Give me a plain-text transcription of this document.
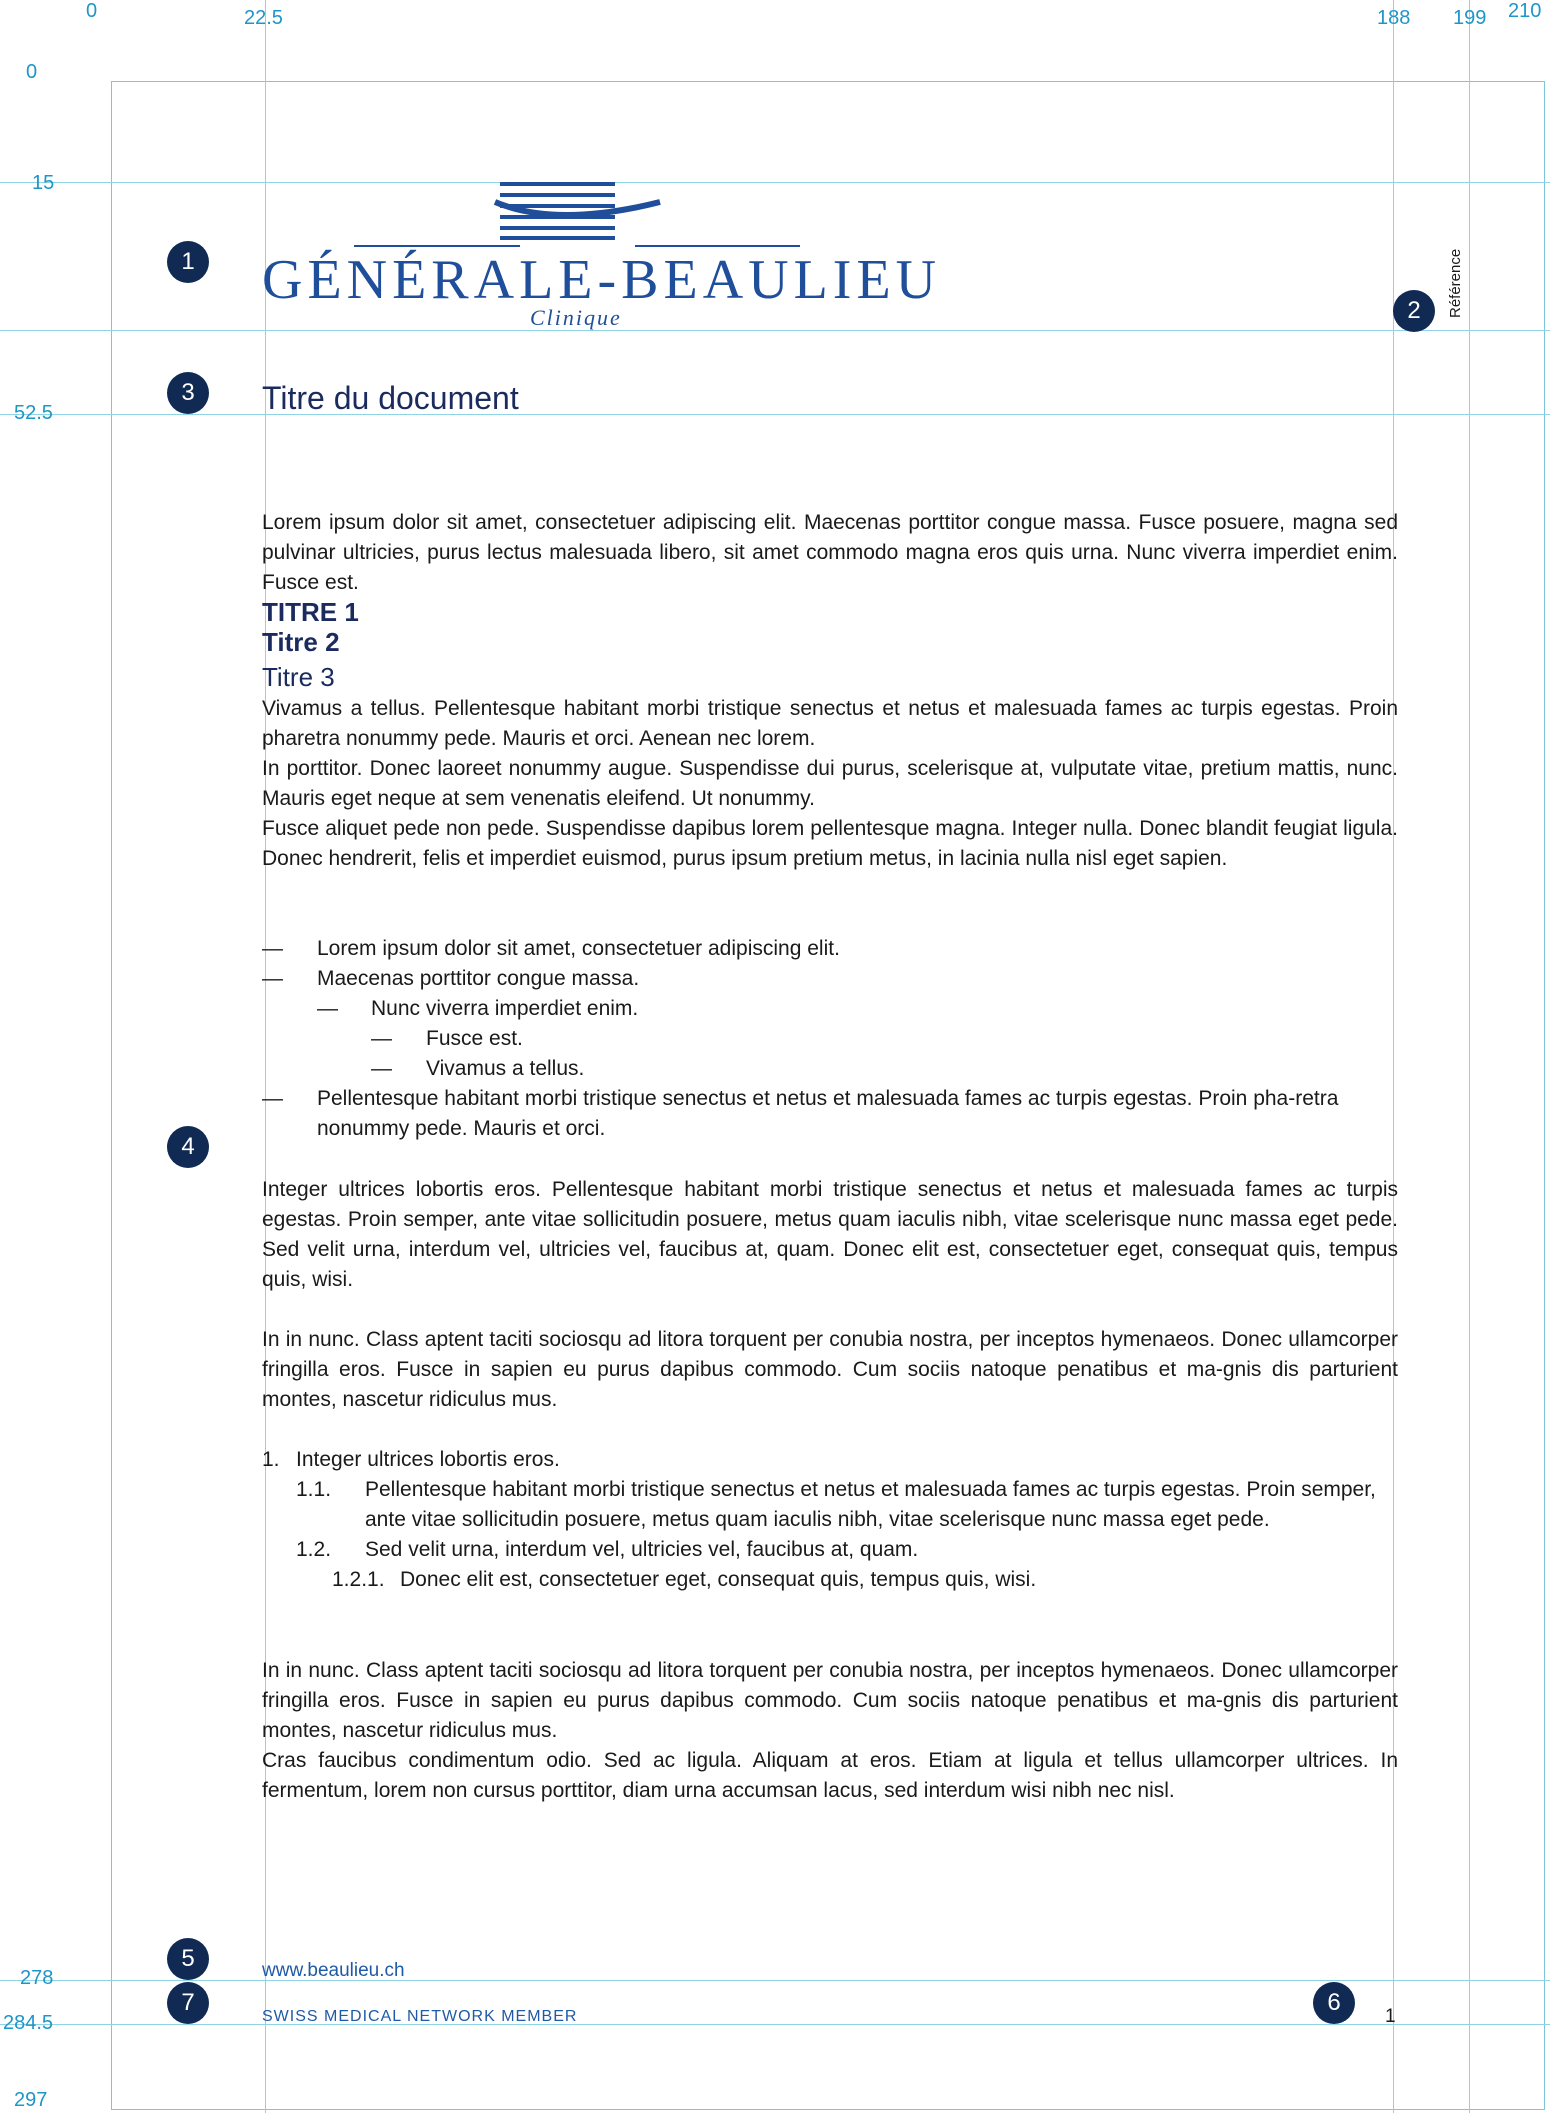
0	22.5	188 199 210
0
15
52.5
278
284.5
297
1
2
3
4
5
6
7
GÉNÉRALE-BEAULIEU
Clinique	Référence
Titre du document

Lorem ipsum dolor sit amet, consectetuer adipiscing elit. Maecenas porttitor congue massa. Fusce posuere, magna sed pulvinar ultricies, purus lectus malesuada libero, sit amet commodo magna eros quis urna. Nunc viverra imperdiet enim. Fusce est.

TITRE 1
Titre 2
Titre 3

Vivamus a tellus. Pellentesque habitant morbi tristique senectus et netus et malesuada fames ac turpis egestas. Proin pharetra nonummy pede. Mauris et orci. Aenean nec lorem.

In porttitor. Donec laoreet nonummy augue. Suspendisse dui purus, scelerisque at, vulputate vitae, pretium mattis, nunc. Mauris eget neque at sem venenatis eleifend. Ut nonummy.

Fusce aliquet pede non pede. Suspendisse dapibus lorem pellentesque magna. Integer nulla. Donec blandit feugiat ligula. Donec hendrerit, felis et imperdiet euismod, purus ipsum pretium metus, in lacinia nulla nisl eget sapien.

— Lorem ipsum dolor sit amet, consectetuer adipiscing elit.
— Maecenas porttitor congue massa.
— Nunc viverra imperdiet enim.
— Fusce est.
— Vivamus a tellus.
— Pellentesque habitant morbi tristique senectus et netus et malesuada fames ac turpis egestas. Proin pha-retra nonummy pede. Mauris et orci.

Integer ultrices lobortis eros. Pellentesque habitant morbi tristique senectus et netus et malesuada fames ac turpis egestas. Proin semper, ante vitae sollicitudin posuere, metus quam iaculis nibh, vitae scelerisque nunc massa eget pede. Sed velit urna, interdum vel, ultricies vel, faucibus at, quam. Donec elit est, consectetuer eget, consequat quis, tempus quis, wisi.

In in nunc. Class aptent taciti sociosqu ad litora torquent per conubia nostra, per inceptos hymenaeos. Donec ullamcorper fringilla eros. Fusce in sapien eu purus dapibus commodo. Cum sociis natoque penatibus et ma-gnis dis parturient montes, nascetur ridiculus mus.

1. Integer ultrices lobortis eros.
1.1. Pellentesque habitant morbi tristique senectus et netus et malesuada fames ac turpis egestas. Proin semper, ante vitae sollicitudin posuere, metus quam iaculis nibh, vitae scelerisque nunc massa eget pede.
1.2. Sed velit urna, interdum vel, ultricies vel, faucibus at, quam.
1.2.1. Donec elit est, consectetuer eget, consequat quis, tempus quis, wisi.

In in nunc. Class aptent taciti sociosqu ad litora torquent per conubia nostra, per inceptos hymenaeos. Donec ullamcorper fringilla eros. Fusce in sapien eu purus dapibus commodo. Cum sociis natoque penatibus et ma-gnis dis parturient montes, nascetur ridiculus mus.

Cras faucibus condimentum odio. Sed ac ligula. Aliquam at eros. Etiam at ligula et tellus ullamcorper ultrices. In fermentum, lorem non cursus porttitor, diam urna accumsan lacus, sed interdum wisi nibh nec nisl.

www.beaulieu.ch
SWISS MEDICAL NETWORK MEMBER	1
